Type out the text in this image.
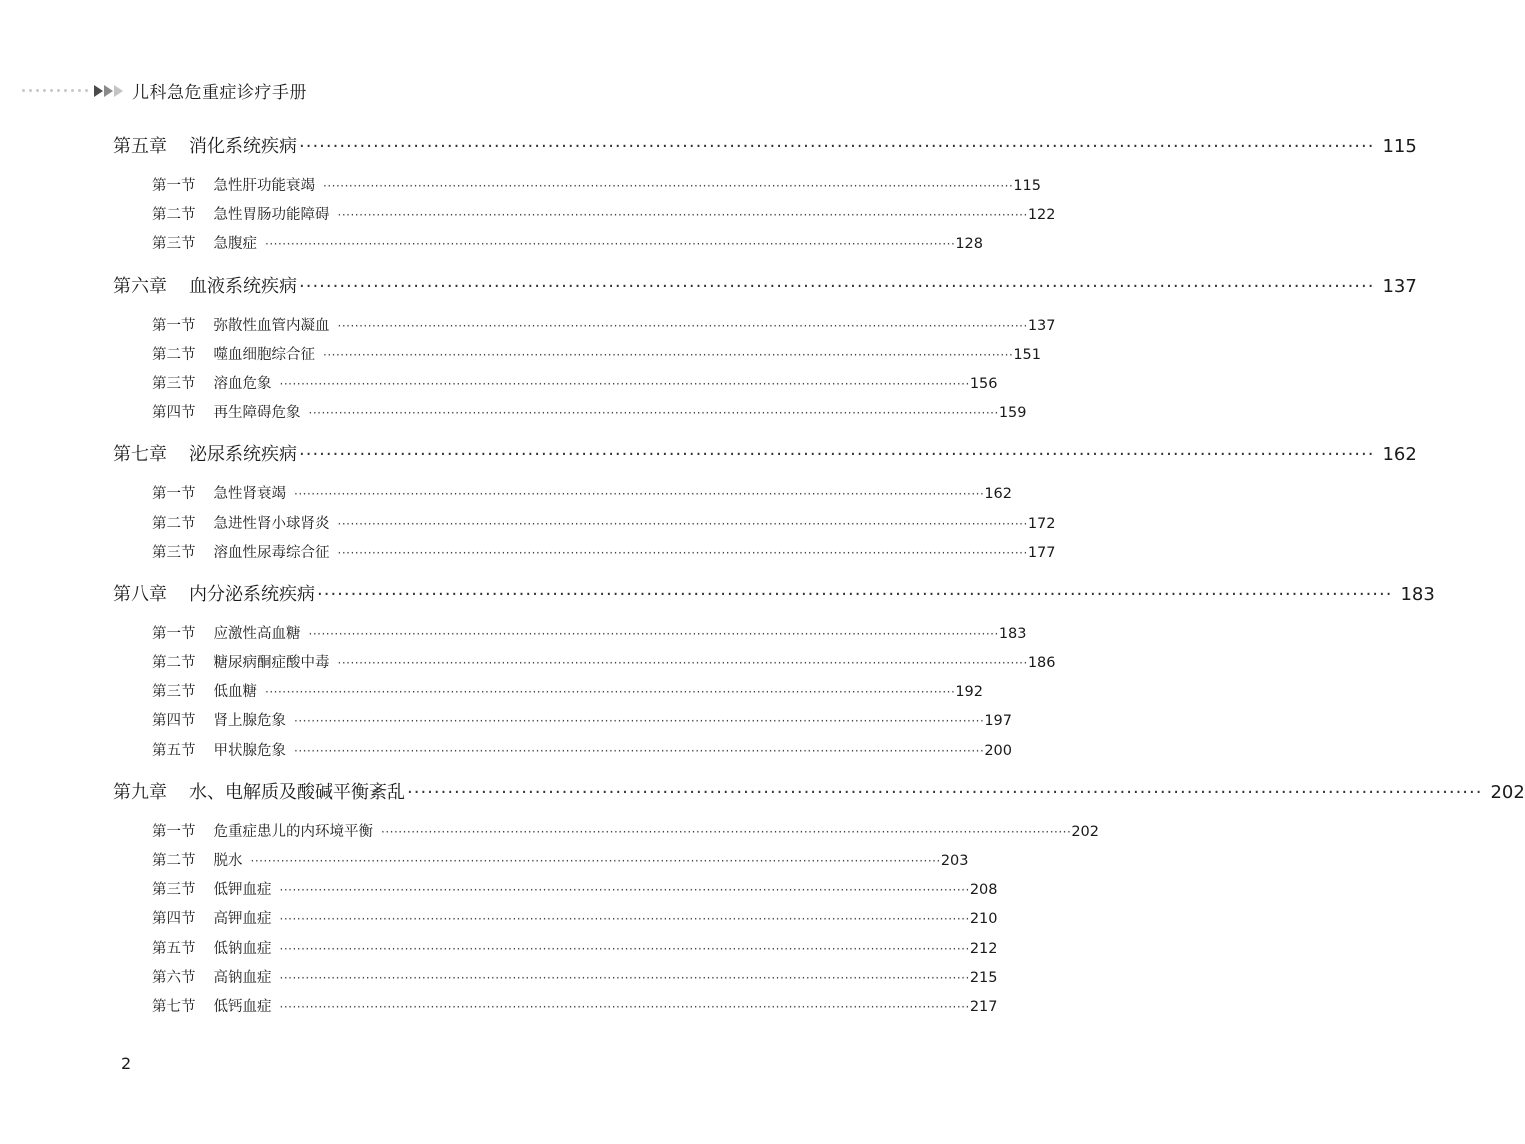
儿科急危重症诊疗手册
第五章 消化系统疾病 ································································································································································ 115
第一节 急性肝功能衰竭 ································································································································································ 115
第二节 急性胃肠功能障碍 ································································································································································ 122
第三节 急腹症 ································································································································································ 128
第六章 血液系统疾病 ································································································································································ 137
第一节 弥散性血管内凝血 ································································································································································ 137
第二节 噬血细胞综合征 ································································································································································ 151
第三节 溶血危象 ································································································································································ 156
第四节 再生障碍危象 ································································································································································ 159
第七章 泌尿系统疾病 ································································································································································ 162
第一节 急性肾衰竭 ································································································································································ 162
第二节 急进性肾小球肾炎 ································································································································································ 172
第三节 溶血性尿毒综合征 ································································································································································ 177
第八章 内分泌系统疾病 ································································································································································ 183
第一节 应激性高血糖 ································································································································································ 183
第二节 糖尿病酮症酸中毒 ································································································································································ 186
第三节 低血糖 ································································································································································ 192
第四节 肾上腺危象 ································································································································································ 197
第五节 甲状腺危象 ································································································································································ 200
第九章 水、电解质及酸碱平衡紊乱 ································································································································································ 202
第一节 危重症患儿的内环境平衡 ································································································································································ 202
第二节 脱水 ································································································································································ 203
第三节 低钾血症 ································································································································································ 208
第四节 高钾血症 ································································································································································ 210
第五节 低钠血症 ································································································································································ 212
第六节 高钠血症 ································································································································································ 215
第七节 低钙血症 ································································································································································ 217
2
